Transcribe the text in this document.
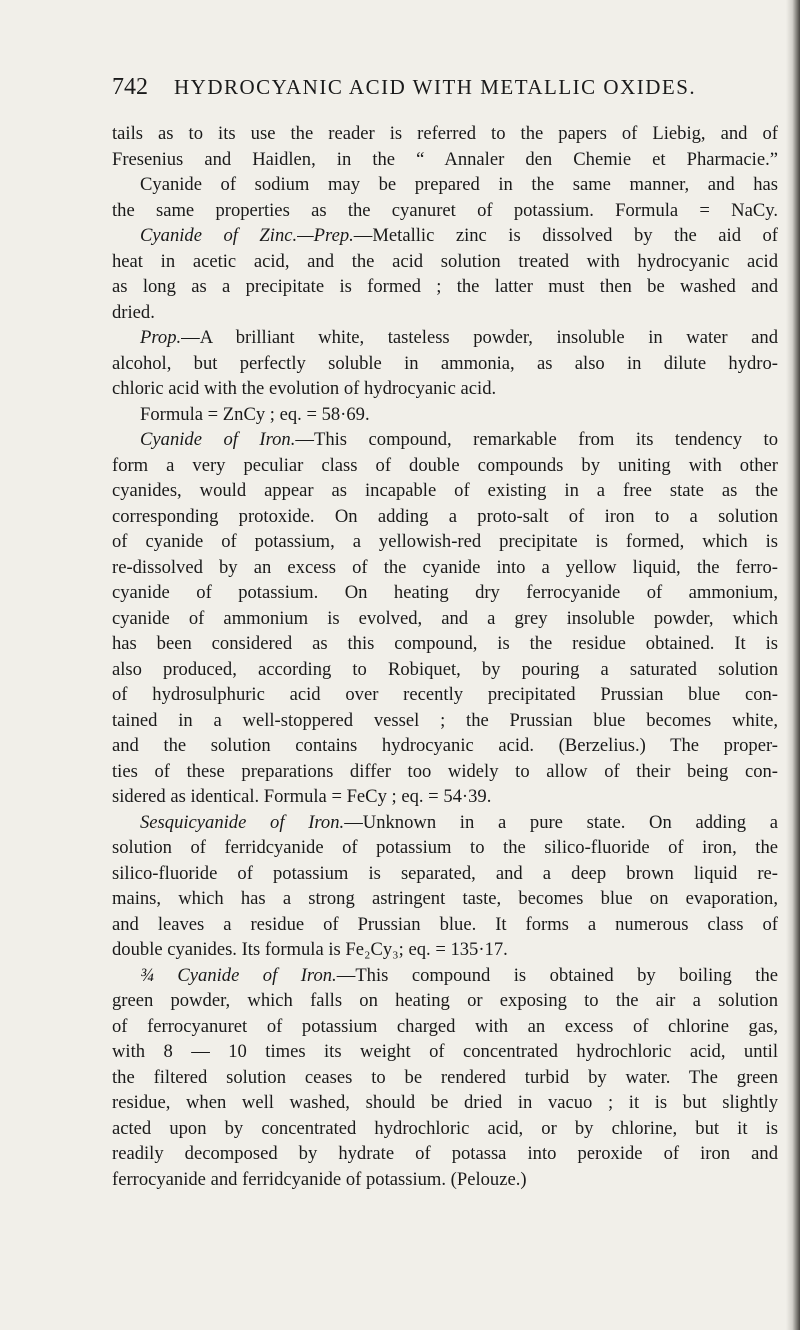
742 HYDROCYANIC ACID WITH METALLIC OXIDES.
tails as to its use the reader is referred to the papers of Liebig, and of
Fresenius and Haidlen, in the “ Annaler den Chemie et Pharmacie.”
Cyanide of sodium may be prepared in the same manner, and has
the same properties as the cyanuret of potassium. Formula = NaCy.
Cyanide of Zinc.—Prep.—Metallic zinc is dissolved by the aid of
heat in acetic acid, and the acid solution treated with hydrocyanic acid
as long as a precipitate is formed ; the latter must then be washed and
dried.
Prop.—A brilliant white, tasteless powder, insoluble in water and
alcohol, but perfectly soluble in ammonia, as also in dilute hydro-
chloric acid with the evolution of hydrocyanic acid.
Formula = ZnCy ; eq. = 58·69.
Cyanide of Iron.—This compound, remarkable from its tendency to
form a very peculiar class of double compounds by uniting with other
cyanides, would appear as incapable of existing in a free state as the
corresponding protoxide. On adding a proto-salt of iron to a solution
of cyanide of potassium, a yellowish-red precipitate is formed, which is
re-dissolved by an excess of the cyanide into a yellow liquid, the ferro-
cyanide of potassium. On heating dry ferrocyanide of ammonium,
cyanide of ammonium is evolved, and a grey insoluble powder, which
has been considered as this compound, is the residue obtained. It is
also produced, according to Robiquet, by pouring a saturated solution
of hydrosulphuric acid over recently precipitated Prussian blue con-
tained in a well-stoppered vessel ; the Prussian blue becomes white,
and the solution contains hydrocyanic acid. (Berzelius.) The proper-
ties of these preparations differ too widely to allow of their being con-
sidered as identical. Formula = FeCy ; eq. = 54·39.
Sesquicyanide of Iron.—Unknown in a pure state. On adding a
solution of ferridcyanide of potassium to the silico-fluoride of iron, the
silico-fluoride of potassium is separated, and a deep brown liquid re-
mains, which has a strong astringent taste, becomes blue on evaporation,
and leaves a residue of Prussian blue. It forms a numerous class of
double cyanides. Its formula is Fe₂Cy₃; eq. = 135·17.
¾ Cyanide of Iron.—This compound is obtained by boiling the
green powder, which falls on heating or exposing to the air a solution
of ferrocyanuret of potassium charged with an excess of chlorine gas,
with 8 — 10 times its weight of concentrated hydrochloric acid, until
the filtered solution ceases to be rendered turbid by water. The green
residue, when well washed, should be dried in vacuo ; it is but slightly
acted upon by concentrated hydrochloric acid, or by chlorine, but it is
readily decomposed by hydrate of potassa into peroxide of iron and
ferrocyanide and ferridcyanide of potassium. (Pelouze.)
